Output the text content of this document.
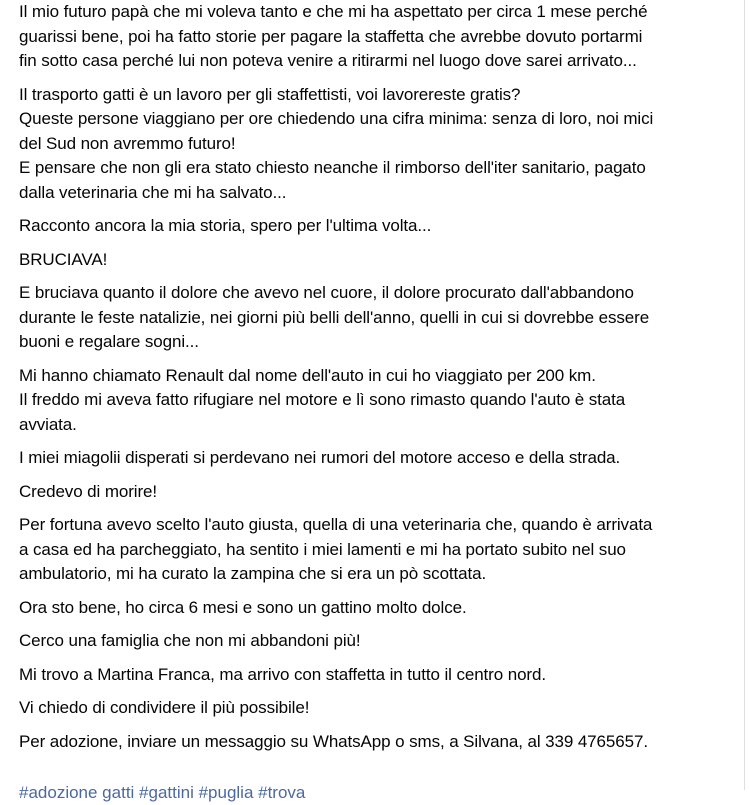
Il mio futuro papà che mi voleva tanto e che mi ha aspettato per circa 1 mese perché
guarissi bene, poi ha fatto storie per pagare la staffetta che avrebbe dovuto portarmi
fin sotto casa perché lui non poteva venire a ritirarmi nel luogo dove sarei arrivato...
Il trasporto gatti è un lavoro per gli staffettisti, voi lavorereste gratis?
Queste persone viaggiano per ore chiedendo una cifra minima: senza di loro, noi mici
del Sud non avremmo futuro!
E pensare che non gli era stato chiesto neanche il rimborso dell'iter sanitario, pagato
dalla veterinaria che mi ha salvato...
Racconto ancora la mia storia, spero per l'ultima volta...
BRUCIAVA!
E bruciava quanto il dolore che avevo nel cuore, il dolore procurato dall'abbandono
durante le feste natalizie, nei giorni più belli dell'anno, quelli in cui si dovrebbe essere
buoni e regalare sogni...
Mi hanno chiamato Renault dal nome dell'auto in cui ho viaggiato per 200 km.
Il freddo mi aveva fatto rifugiare nel motore e lì sono rimasto quando l'auto è stata
avviata.
I miei miagolii disperati si perdevano nei rumori del motore acceso e della strada.
Credevo di morire!
Per fortuna avevo scelto l'auto giusta, quella di una veterinaria che, quando è arrivata
a casa ed ha parcheggiato, ha sentito i miei lamenti e mi ha portato subito nel suo
ambulatorio, mi ha curato la zampina che si era un pò scottata.
Ora sto bene, ho circa 6 mesi e sono un gattino molto dolce.
Cerco una famiglia che non mi abbandoni più!
Mi trovo a Martina Franca, ma arrivo con staffetta in tutto il centro nord.
Vi chiedo di condividere il più possibile!
Per adozione, inviare un messaggio su WhatsApp o sms, a Silvana, al 339 4765657.
#adozione gatti #gattini #puglia #trova
